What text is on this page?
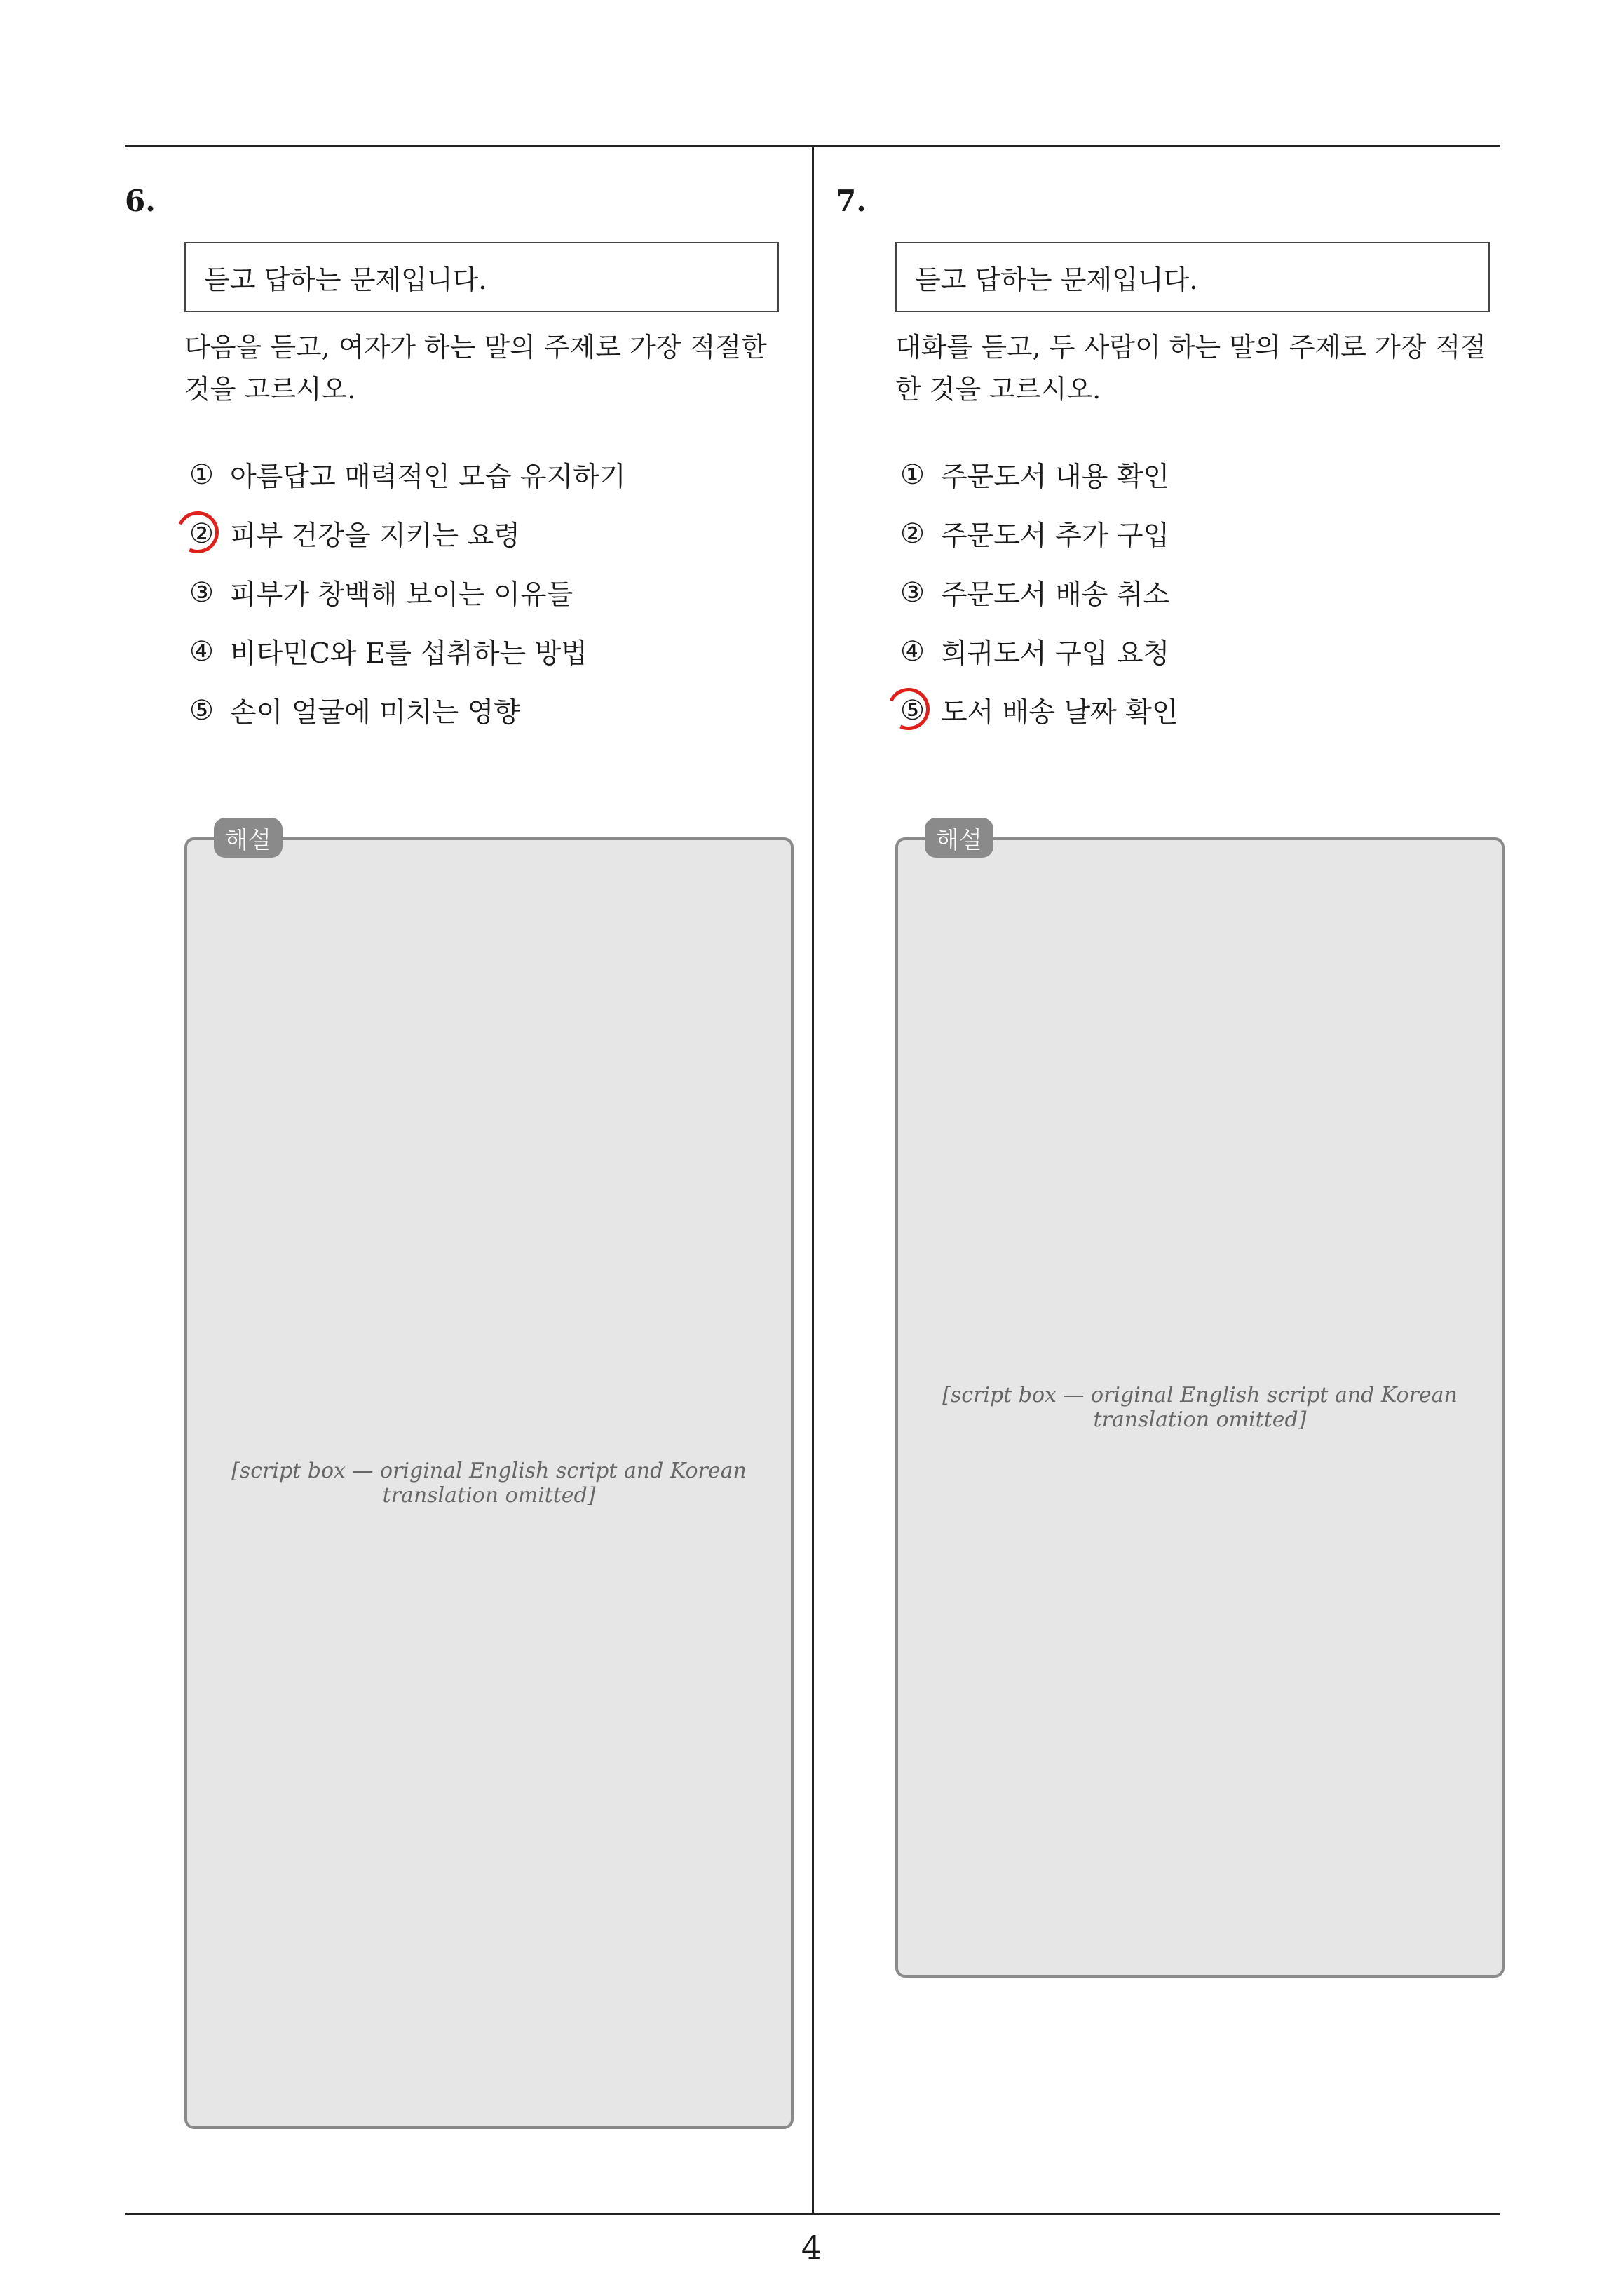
6.
듣고 답하는 문제입니다.
다음을 듣고, 여자가 하는 말의 주제로 가장 적절한 것을 고르시오.
① 아름답고 매력적인 모습 유지하기
② 피부 건강을 지키는 요령
③ 피부가 창백해 보이는 이유들
④ 비타민C와 E를 섭취하는 방법
⑤ 손이 얼굴에 미치는 영향
해설
[script box — original English script and Korean translation omitted]
7.
듣고 답하는 문제입니다.
대화를 듣고, 두 사람이 하는 말의 주제로 가장 적절한 것을 고르시오.
① 주문도서 내용 확인
② 주문도서 추가 구입
③ 주문도서 배송 취소
④ 희귀도서 구입 요청
⑤ 도서 배송 날짜 확인
해설
[script box — original English script and Korean translation omitted]
4
